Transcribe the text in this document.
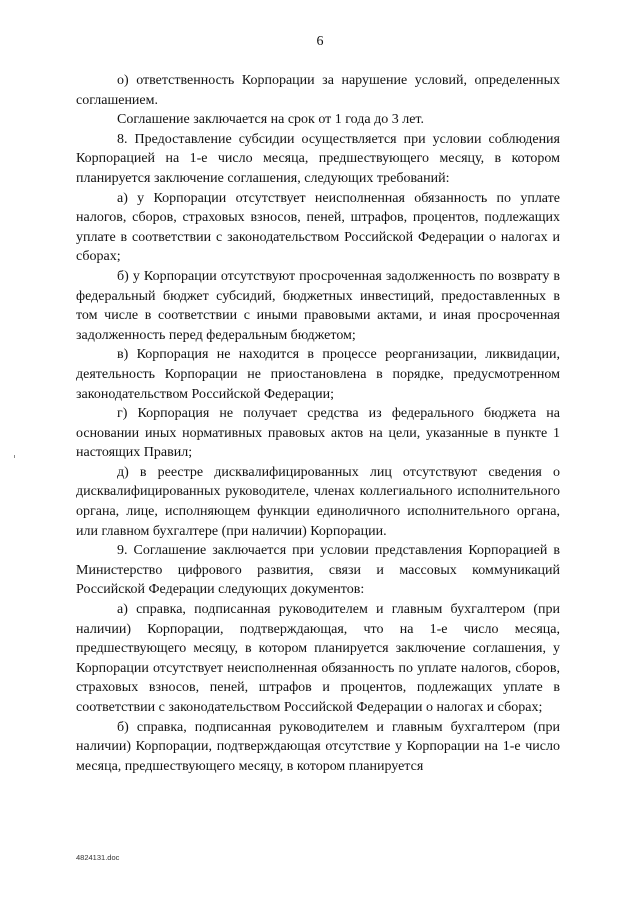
6

о) ответственность Корпорации за нарушение условий, определенных соглашением.

Соглашение заключается на срок от 1 года до 3 лет.

8. Предоставление субсидии осуществляется при условии соблюдения Корпорацией на 1-е число месяца, предшествующего месяцу, в котором планируется заключение соглашения, следующих требований:

а) у Корпорации отсутствует неисполненная обязанность по уплате налогов, сборов, страховых взносов, пеней, штрафов, процентов, подлежащих уплате в соответствии с законодательством Российской Федерации о налогах и сборах;

б) у Корпорации отсутствуют просроченная задолженность по возврату в федеральный бюджет субсидий, бюджетных инвестиций, предоставленных в том числе в соответствии с иными правовыми актами, и иная просроченная задолженность перед федеральным бюджетом;

в) Корпорация не находится в процессе реорганизации, ликвидации, деятельность Корпорации не приостановлена в порядке, предусмотренном законодательством Российской Федерации;

г) Корпорация не получает средства из федерального бюджета на основании иных нормативных правовых актов на цели, указанные в пункте 1 настоящих Правил;

д) в реестре дисквалифицированных лиц отсутствуют сведения о дисквалифицированных руководителе, членах коллегиального исполнительного органа, лице, исполняющем функции единоличного исполнительного органа, или главном бухгалтере (при наличии) Корпорации.

9. Соглашение заключается при условии представления Корпорацией в Министерство цифрового развития, связи и массовых коммуникаций Российской Федерации следующих документов:

а) справка, подписанная руководителем и главным бухгалтером (при наличии) Корпорации, подтверждающая, что на 1-е число месяца, предшествующего месяцу, в котором планируется заключение соглашения, у Корпорации отсутствует неисполненная обязанность по уплате налогов, сборов, страховых взносов, пеней, штрафов и процентов, подлежащих уплате в соответствии с законодательством Российской Федерации о налогах и сборах;

б) справка, подписанная руководителем и главным бухгалтером (при наличии) Корпорации, подтверждающая отсутствие у Корпорации на 1-е число месяца, предшествующего месяцу, в котором планируется

4824131.doc
